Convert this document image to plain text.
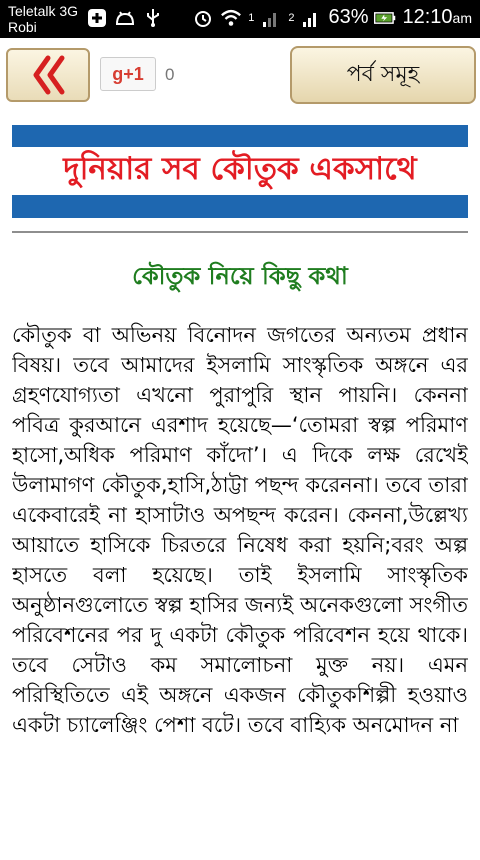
Teletalk 3G
Robi
1	2 63% 12:10am
g+1	0	পর্ব সমূহ
দুনিয়ার সব কৌতুক একসাথে
কৌতুক নিয়ে কিছু কথা
কৌতুক বা অভিনয় বিনোদন জগতের অন্যতম প্রধান বিষয়। তবে আমাদের ইসলামি সাংস্কৃতিক অঙ্গনে এর গ্রহণযোগ্যতা এখনো পুরাপুরি স্থান পায়নি। কেননা পবিত্র কুরআনে এরশাদ হয়েছে—‘তোমরা স্বল্প পরিমাণ হাসো,অধিক পরিমাণ কাঁদো’। এ দিকে লক্ষ রেখেই উলামাগণ কৌতুক,হাসি,ঠাট্টা পছন্দ করেননা। তবে তারা একেবারেই না হাসাটাও অপছন্দ করেন। কেননা,উল্লেখ্য আয়াতে হাসিকে চিরতরে নিষেধ করা হয়নি;বরং অল্প হাসতে বলা হয়েছে। তাই ইসলামি সাংস্কৃতিক অনুষ্ঠানগুলোতে স্বল্প হাসির জন্যই অনেকগুলো সংগীত পরিবেশনের পর দু একটা কৌতুক পরিবেশন হয়ে থাকে। তবে সেটাও কম সমালোচনা মুক্ত নয়। এমন পরিস্থিতিতে এই অঙ্গনে একজন কৌতুকশিল্পী হওয়াও একটা চ্যালেঞ্জিং পেশা বটে। তবে বাহ্যিক অনমোদন না
